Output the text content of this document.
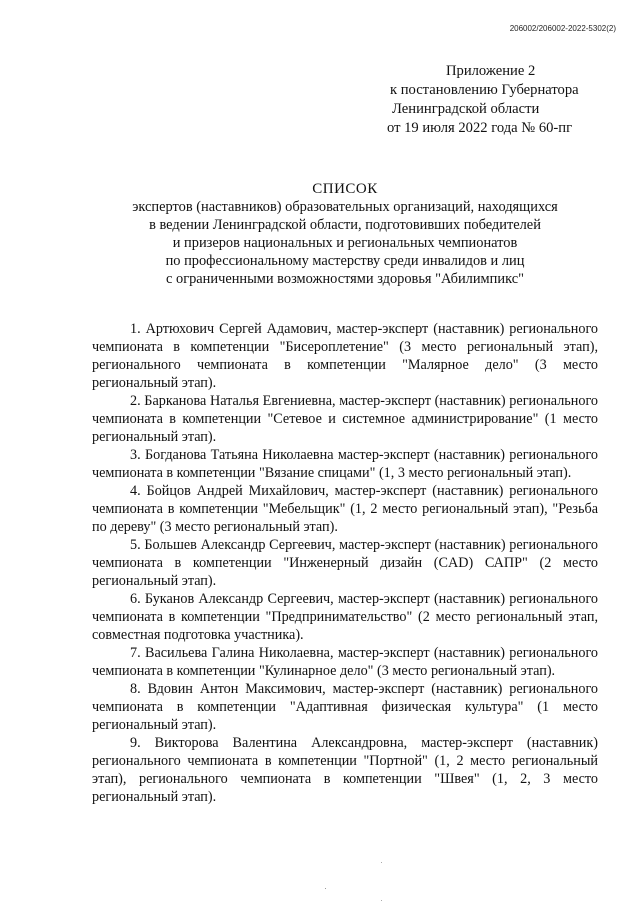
206002/206002-2022-5302(2)
Приложение 2
к постановлению Губернатора
Ленинградской области
от 19 июля 2022 года № 60-пг
СПИСОК
экспертов (наставников) образовательных организаций, находящихся
в ведении Ленинградской области, подготовивших победителей
и призеров национальных и региональных чемпионатов
по профессиональному мастерству среди инвалидов и лиц
с ограниченными возможностями здоровья "Абилимпикс"

1. Артюхович Сергей Адамович, мастер-эксперт (наставник) регионального чемпионата в компетенции "Бисероплетение" (3 место региональный этап), регионального чемпионата в компетенции "Малярное дело" (3 место региональный этап).

2. Барканова Наталья Евгениевна, мастер-эксперт (наставник) регионального чемпионата в компетенции "Сетевое и системное администрирование" (1 место региональный этап).

3. Богданова Татьяна Николаевна мастер-эксперт (наставник) регионального чемпионата в компетенции "Вязание спицами" (1, 3 место региональный этап).

4. Бойцов Андрей Михайлович, мастер-эксперт (наставник) регионального чемпионата в компетенции "Мебельщик" (1, 2 место региональный этап), "Резьба по дереву" (3 место региональный этап).

5. Большев Александр Сергеевич, мастер-эксперт (наставник) регионального чемпионата в компетенции "Инженерный дизайн (CAD) САПР" (2 место региональный этап).

6. Буканов Александр Сергеевич, мастер-эксперт (наставник) регионального чемпионата в компетенции "Предпринимательство" (2 место региональный этап, совместная подготовка участника).

7. Васильева Галина Николаевна, мастер-эксперт (наставник) регионального чемпионата в компетенции "Кулинарное дело" (3 место региональный этап).

8. Вдовин Антон Максимович, мастер-эксперт (наставник) регионального чемпионата в компетенции "Адаптивная физическая культура" (1 место региональный этап).

9. Викторова Валентина Александровна, мастер-эксперт (наставник) регионального чемпионата в компетенции "Портной" (1, 2 место региональный этап), регионального чемпионата в компетенции "Швея" (1, 2, 3 место региональный этап).
